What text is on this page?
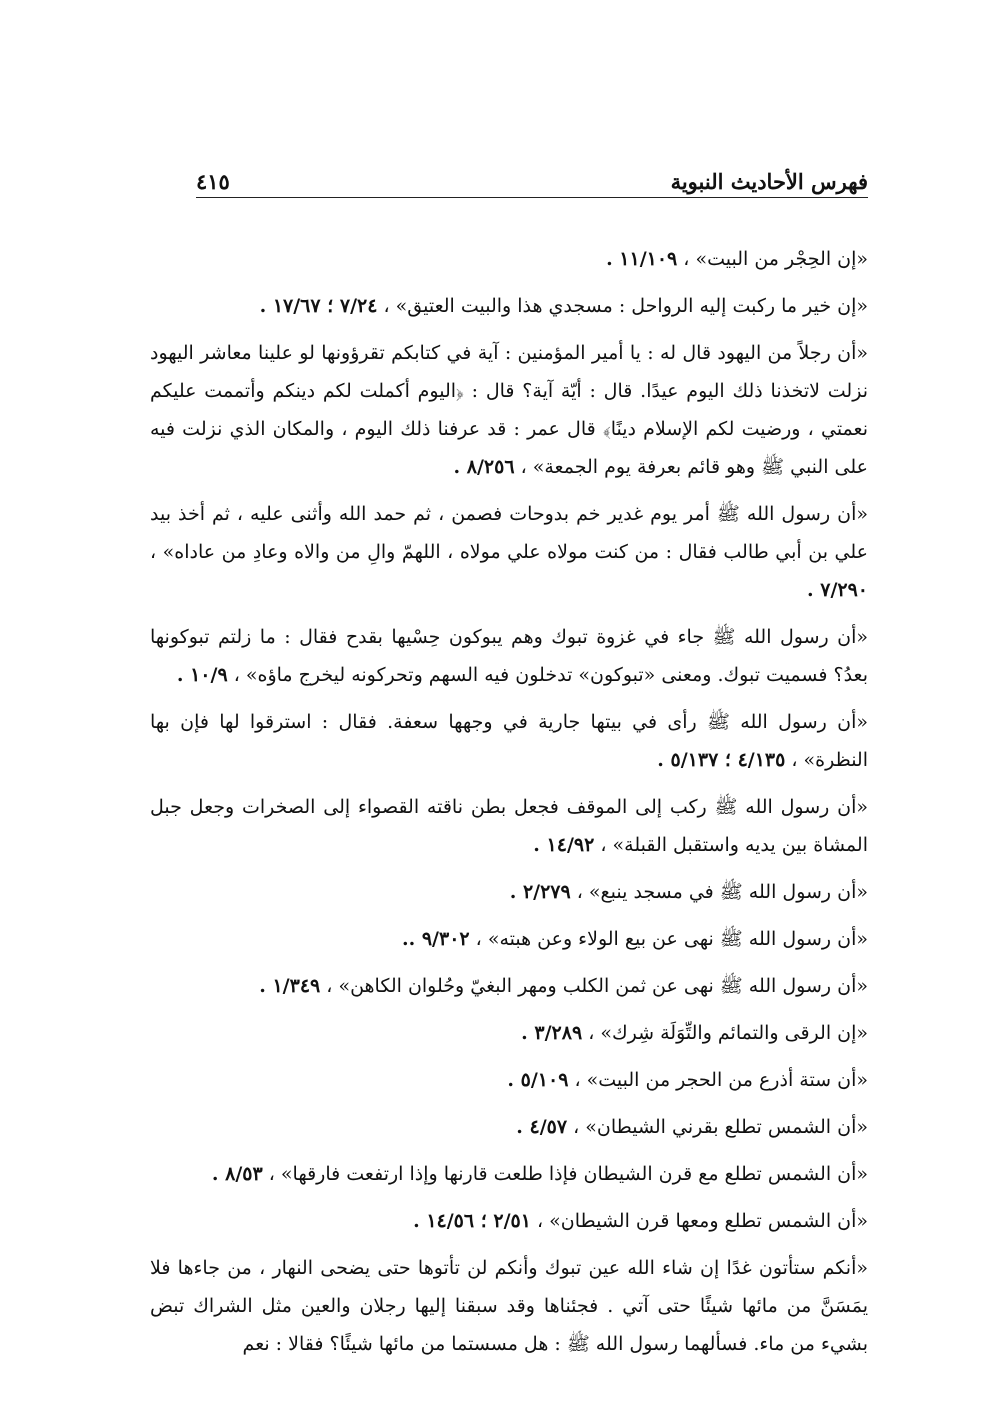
فهرس الأحاديث النبوية
٤١٥

«إن الحِجْر من البيت» ، ١١/١٠٩ .

«إن خير ما ركبت إليه الرواحل : مسجدي هذا والبيت العتيق» ، ٧/٢٤ ؛ ١٧/٦٧ .

«أن رجلاً من اليهود قال له : يا أمير المؤمنين : آية في كتابكم تقرؤونها لو علينا معاشر اليهود نزلت لاتخذنا ذلك اليوم عيدًا. قال : أيّة آية؟ قال : ﴿اليوم أكملت لكم دينكم وأتممت عليكم نعمتي ، ورضيت لكم الإسلام دينًا﴾ قال عمر : قد عرفنا ذلك اليوم ، والمكان الذي نزلت فيه على النبي ﷺ وهو قائم بعرفة يوم الجمعة» ، ٨/٢٥٦ .

«أن رسول الله ﷺ أمر يوم غدير خم بدوحات فصمن ، ثم حمد الله وأثنى عليه ، ثم أخذ بيد علي بن أبي طالب فقال : من كنت مولاه علي مولاه ، اللهمّ والِ من والاه وعادِ من عاداه» ، ٧/٢٩٠ .

«أن رسول الله ﷺ جاء في غزوة تبوك وهم يبوكون حِسْيها بقدح فقال : ما زلتم تبوكونها بعدُ؟ فسميت تبوك. ومعنى «تبوكون» تدخلون فيه السهم وتحركونه ليخرج ماؤه» ، ١٠/٩ .

«أن رسول الله ﷺ رأى في بيتها جارية في وجهها سعفة. فقال : استرقوا لها فإن بها النظرة» ، ٤/١٣٥ ؛ ٥/١٣٧ .

«أن رسول الله ﷺ ركب إلى الموقف فجعل بطن ناقته القصواء إلى الصخرات وجعل جبل المشاة بين يديه واستقبل القبلة» ، ١٤/٩٢ .

«أن رسول الله ﷺ في مسجد ينبع» ، ٢/٢٧٩ .

«أن رسول الله ﷺ نهى عن بيع الولاء وعن هبته» ، ٩/٣٠٢ ..

«أن رسول الله ﷺ نهى عن ثمن الكلب ومهر البغيّ وحُلوان الكاهن» ، ١/٣٤٩ .

«إن الرقى والتمائم والتِّوَلَة شِرك» ، ٣/٢٨٩ .

«أن ستة أذرع من الحجر من البيت» ، ٥/١٠٩ .

«أن الشمس تطلع بقرني الشيطان» ، ٤/٥٧ .

«أن الشمس تطلع مع قرن الشيطان فإذا طلعت قارنها وإذا ارتفعت فارقها» ، ٨/٥٣ .

«أن الشمس تطلع ومعها قرن الشيطان» ، ٢/٥١ ؛ ١٤/٥٦ .

«أنكم ستأتون غدًا إن شاء الله عين تبوك وأنكم لن تأتوها حتى يضحى النهار ، من جاءها فلا يمَسَنَّ من مائها شيئًا حتى آتي . فجئناها وقد سبقنا إليها رجلان والعين مثل الشراك تبض بشيء من ماء. فسألهما رسول الله ﷺ : هل مسستما من مائها شيئًا؟ فقالا : نعم
